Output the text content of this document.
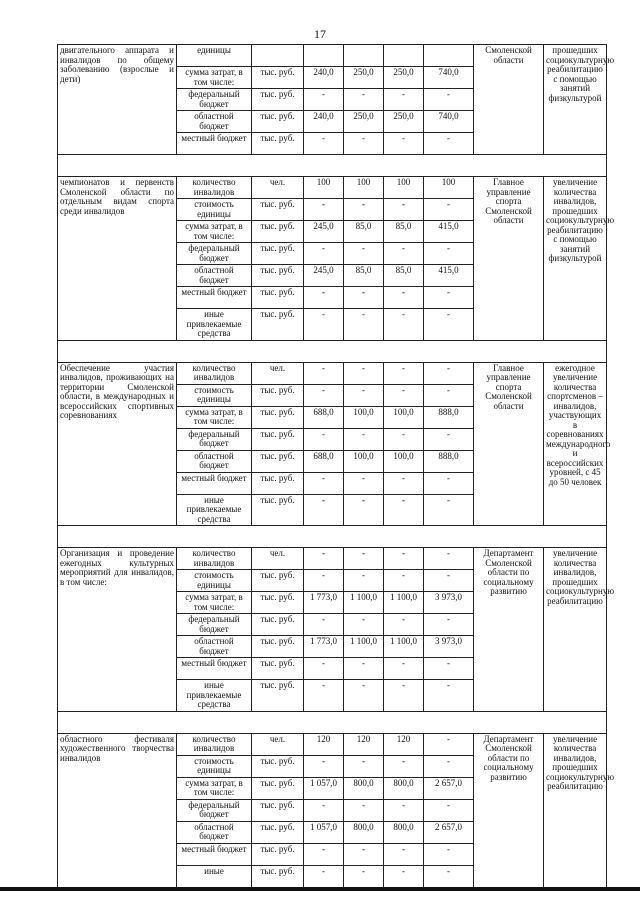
17
двигательного аппарата и инвалидов по общему заболеванию (взрослые и дети)	единицы						Смоленской области	прошедших социокультурную реабилитацию с помощью занятий физкультурой
	сумма затрат, в том числе:	тыс. руб.	240,0	250,0	250,0	740,0		
	федеральный бюджет	тыс. руб.	-	-	-	-		
	областной бюджет	тыс. руб.	240,0	250,0	250,0	740,0		
	местный бюджет	тыс. руб.	-	-	-	-		

чемпионатов и первенств Смоленской области по отдельным видам спорта среди инвалидов	количество инвалидов	чел.	100	100	100	100	Главное управление спорта Смоленской области	увеличение количества инвалидов, прошедших социокультурную реабилитацию с помощью занятий физкультурой
	стоимость единицы	тыс. руб.	-	-	-	-		
	сумма затрат, в том числе:	тыс. руб.	245,0	85,0	85,0	415,0		
	федеральный бюджет	тыс. руб.	-	-	-	-		
	областной бюджет	тыс. руб.	245,0	85,0	85,0	415,0		
	местный бюджет	тыс. руб.	-	-	-	-		
	иные привлекаемые средства	тыс. руб.	-	-	-	-		

Обеспечение участия инвалидов, проживающих на территории Смоленской области, в международных и всероссийских спортивных соревнованиях	количество инвалидов	чел.	-	-	-	-	Главное управление спорта Смоленской области	ежегодное увеличение количества спортсменов – инвалидов, участвующих в соревнованиях международного и всероссийских уровней, с 45 до 50 человек
	стоимость единицы	тыс. руб.	-	-	-	-		
	сумма затрат, в том числе:	тыс. руб.	688,0	100,0	100,0	888,0		
	федеральный бюджет	тыс. руб.	-	-	-	-		
	областной бюджет	тыс. руб.	688,0	100,0	100,0	888,0		
	местный бюджет	тыс. руб.	-	-	-	-		
	иные привлекаемые средства	тыс. руб.	-	-	-	-		

Организация и проведение ежегодных культурных мероприятий для инвалидов, в том числе:	количество инвалидов	чел.	-	-	-	-	Департамент Смоленской области по социальному развитию	увеличение количества инвалидов, прошедших социокультурную реабилитацию
	стоимость единицы	тыс. руб.	-	-	-	-		
	сумма затрат, в том числе:	тыс. руб.	1 773,0	1 100,0	1 100,0	3 973,0		
	федеральный бюджет	тыс. руб.	-	-	-	-		
	областной бюджет	тыс. руб.	1 773,0	1 100,0	1 100,0	3 973,0		
	местный бюджет	тыс. руб.	-	-	-	-		
	иные привлекаемые средства	тыс. руб.	-	-	-	-		

областного фестиваля художественного творчества инвалидов	количество инвалидов	чел.	120	120	120	-	Департамент Смоленской области по социальному развитию	увеличение количества инвалидов, прошедших социокультурную реабилитацию
	стоимость единицы	тыс. руб.	-	-	-	-		
	сумма затрат, в том числе:	тыс. руб.	1 057,0	800,0	800,0	2 657,0		
	федеральный бюджет	тыс. руб.	-	-	-	-		
	областной бюджет	тыс. руб.	1 057,0	800,0	800,0	2 657,0		
	местный бюджет	тыс. руб.	-	-	-	-		
	иные	тыс. руб.	-	-	-	-		
